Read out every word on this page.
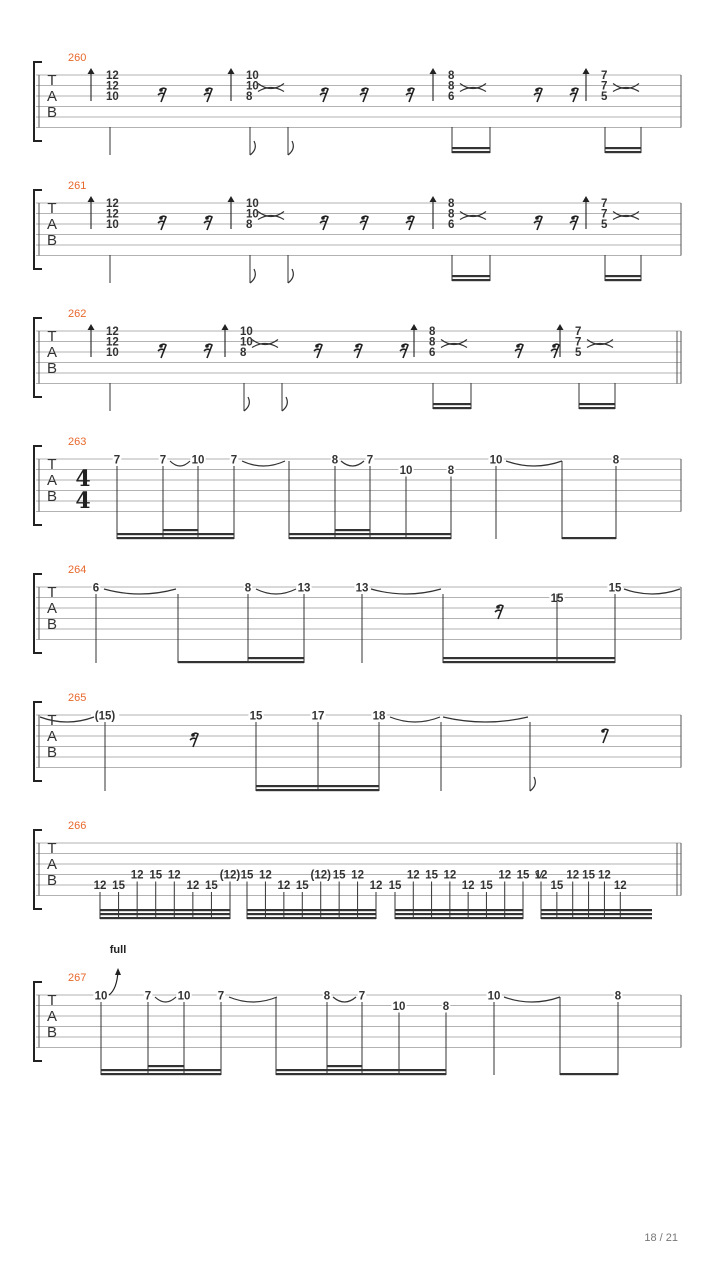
T
A
B
260
12
12
10
10
10
8
8
8
6
7
7
5
T
A
B
261
12
12
10
10
10
8
8
8
6
7
7
5
T
A
B
262
12
12
10
10
10
8
8
8
6
7
7
5
T
A
B
263
7	7 10 7	8 7
10	8
10	8
4
4
T
A
B
267
10	7 10 7	8 7
10	8
10	8
full
T
A
B
264
6	8	13	13
15
15
T
A
B
265
(15)	15	17	18
T
A
B
266
12 15
12 15 12
12 15
(12) 15 12
12 15
(12) 15 12
12 15
12 15 12
12 15
12 15 12
15
12 15 12
12
18 / 21
